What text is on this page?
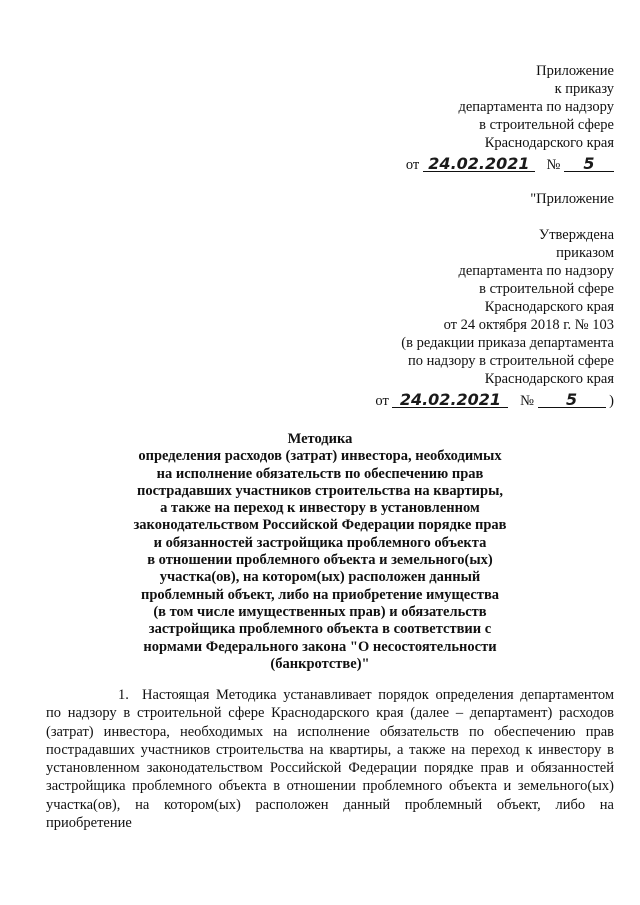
Приложение
к приказу
департамента по надзору
в строительной сфере
Краснодарского края
от 24.02.2021 № 5
"Приложение
Утверждена
приказом
департамента по надзору
в строительной сфере
Краснодарского края
от 24 октября 2018 г. № 103
(в редакции приказа департамента
по надзору в строительной сфере
Краснодарского края
от 24.02.2021 № 5 )
Методика
определения расходов (затрат) инвестора, необходимых
на исполнение обязательств по обеспечению прав
пострадавших участников строительства на квартиры,
а также на переход к инвестору в установленном
законодательством Российской Федерации порядке прав
и обязанностей застройщика проблемного объекта
в отношении проблемного объекта и земельного(ых)
участка(ов), на котором(ых) расположен данный
проблемный объект, либо на приобретение имущества
(в том числе имущественных прав) и обязательств
застройщика проблемного объекта в соответствии с
нормами Федерального закона "О несостоятельности
(банкротстве)"

1. Настоящая Методика устанавливает порядок определения департаментом по надзору в строительной сфере Краснодарского края (далее – департамент) расходов (затрат) инвестора, необходимых на исполнение обязательств по обеспечению прав пострадавших участников строительства на квартиры, а также на переход к инвестору в установленном законодательством Российской Федерации порядке прав и обязанностей застройщика проблемного объекта в отношении проблемного объекта и земельного(ых) участка(ов), на котором(ых) расположен данный проблемный объект, либо на приобретение
